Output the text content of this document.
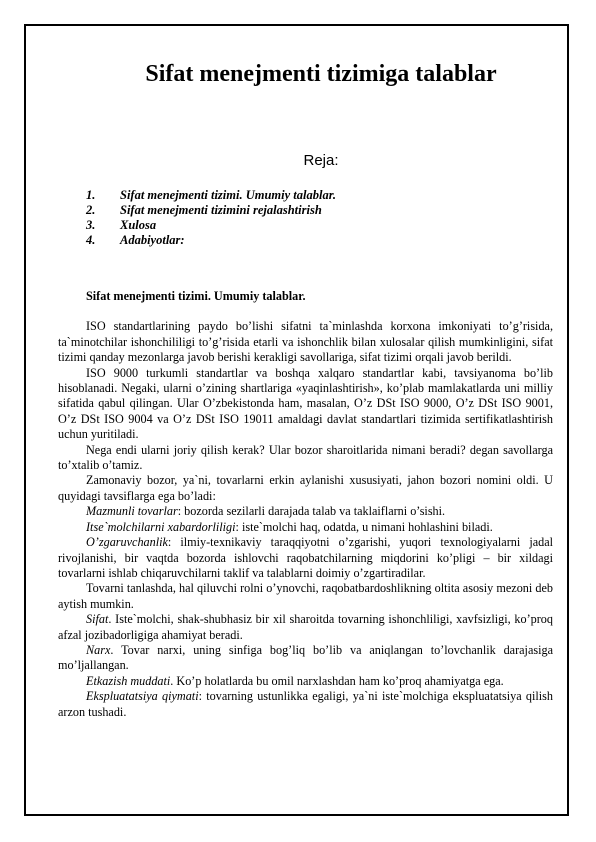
Sifat menejmenti tizimiga talablar
Reja:
1. Sifat menejmenti tizimi. Umumiy talablar.
2. Sifat menejmenti tizimini rejalashtirish
3. Xulosa
4. Adabiyotlar:

Sifat menejmenti tizimi. Umumiy talablar.

ISO standartlarining paydo bo’lishi sifatni ta`minlashda korxona imkoniyati to’g’risida, ta`minotchilar ishonchililigi to’g’risida etarli va ishonchlik bilan xulosalar qilish mumkinligini, sifat tizimi qanday mezonlarga javob berishi kerakligi savollariga, sifat tizimi orqali javob berildi.

ISO 9000 turkumli standartlar va boshqa xalqaro standartlar kabi, tavsiyanoma bo’lib hisoblanadi. Negaki, ularni o’zining shartlariga «yaqinlashtirish», ko’plab mamlakatlarda uni milliy sifatida qabul qilingan. Ular O’zbekistonda ham, masalan, O’z DSt ISO 9000, O’z DSt ISO 9001, O’z DSt ISO 9004 va O’z DSt ISO 19011 amaldagi davlat standartlari tizimida sertifikatlashtirish uchun yuritiladi.

Nega endi ularni joriy qilish kerak? Ular bozor sharoitlarida nimani beradi? degan savollarga to’xtalib o’tamiz.

Zamonaviy bozor, ya`ni, tovarlarni erkin aylanishi xususiyati, jahon bozori nomini oldi. U quyidagi tavsiflarga ega bo’ladi:

Mazmunli tovarlar: bozorda sezilarli darajada talab va taklaiflarni o’sishi.

Itse`molchilarni xabardorliligi: iste`molchi haq, odatda, u nimani hohlashini biladi.

O’zgaruvchanlik: ilmiy-texnikaviy taraqqiyotni o’zgarishi, yuqori texnologiyalarni jadal rivojlanishi, bir vaqtda bozorda ishlovchi raqobatchilarning miqdorini ko’pligi – bir xildagi tovarlarni ishlab chiqaruvchilarni taklif va talablarni doimiy o’zgartiradilar.

Tovarni tanlashda, hal qiluvchi rolni o’ynovchi, raqobatbardoshlikning oltita asosiy mezoni deb aytish mumkin.

Sifat. Iste`molchi, shak-shubhasiz bir xil sharoitda tovarning ishonchliligi, xavfsizligi, ko’proq afzal jozibadorligiga ahamiyat beradi.

Narx. Tovar narxi, uning sinfiga bog’liq bo’lib va aniqlangan to’lovchanlik darajasiga mo’ljallangan.

Etkazish muddati. Ko’p holatlarda bu omil narxlashdan ham ko’proq ahamiyatga ega.

Ekspluatatsiya qiymati: tovarning ustunlikka egaligi, ya`ni iste`molchiga ekspluatatsiya qilish arzon tushadi.
